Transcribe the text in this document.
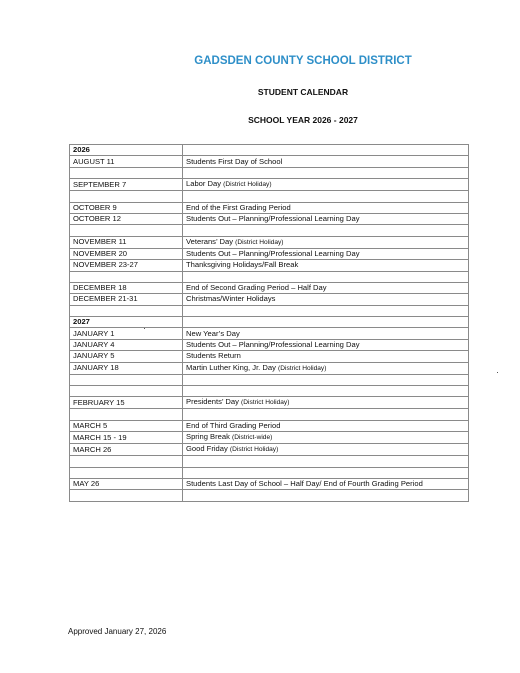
GADSDEN COUNTY SCHOOL DISTRICT
STUDENT CALENDAR
SCHOOL YEAR 2026 - 2027
2026	
AUGUST 11	Students First Day of School

SEPTEMBER 7	Labor Day (District Holiday)

OCTOBER 9	End of the First Grading Period
OCTOBER 12	Students Out – Planning/Professional Learning Day

NOVEMBER 11	Veterans’ Day (District Holiday)
NOVEMBER 20	Students Out – Planning/Professional Learning Day
NOVEMBER 23-27	Thanksgiving Holidays/Fall Break

DECEMBER 18	End of Second Grading Period – Half Day
DECEMBER 21-31	Christmas/Winter Holidays

2027	
JANUARY 1	New Year’s Day
JANUARY 4	Students Out – Planning/Professional Learning Day
JANUARY 5	Students Return
JANUARY 18	Martin Luther King, Jr. Day (District Holiday)

FEBRUARY 15	Presidents’ Day (District Holiday)

MARCH 5	End of Third Grading Period
MARCH 15 - 19	Spring Break (District-wide)
MARCH 26	Good Friday (District Holiday)

MAY 26	Students Last Day of School – Half Day/ End of Fourth Grading Period

Approved January 27, 2026
